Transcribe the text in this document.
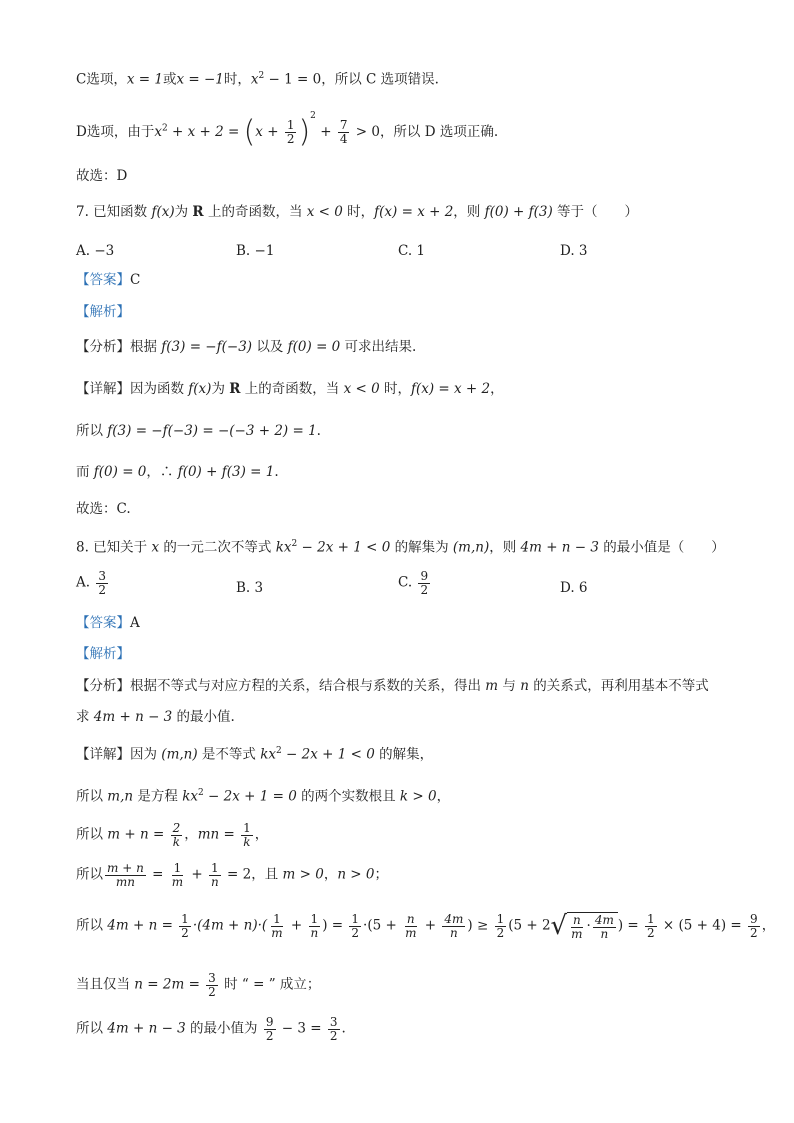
C选项，x = 1或x = −1时，$x^2 - 1 = 0$，所以 C 选项错误.
D选项，由于$x^2 + x + 2 = (x + \frac{1}{2} )^2 + \frac{7}{4} > 0$，所以 D 选项正确.
故选：D
7. 已知函数 f(x)为 R 上的奇函数，当 x < 0 时，f(x) = x + 2，则 f(0) + f(3) 等于（　　）
A. −3	B. −1	C. 1	D. 3
【答案】C
【解析】
【分析】根据 f(3) = −f(−3) 以及 f(0) = 0 可求出结果.
【详解】因为函数 f(x)为 R 上的奇函数，当 x < 0 时，f(x) = x + 2，
所以 f(3) = −f(−3) = −(−3 + 2) = 1.
而 f(0) = 0，∴ f(0) + f(3) = 1.
故选：C.
8. 已知关于 x 的一元二次不等式 $kx^2 - 2x + 1 < 0$ 的解集为 (m,n)，则 4m + n − 3 的最小值是（　　）
A. $\frac{3}{2}$	B. 3	C. $\frac{9}{2}$	D. 6
【答案】A
【解析】
【分析】根据不等式与对应方程的关系，结合根与系数的关系，得出 m 与 n 的关系式，再利用基本不等式
求 4m + n − 3 的最小值.
【详解】因为 (m,n) 是不等式 $kx^2 - 2x + 1 < 0$ 的解集，
所以 m,n 是方程 $kx^2 - 2x + 1 = 0$ 的两个实数根且 k > 0，
所以 $m + n = \frac{2}{k}$ ，mn = $\frac{1}{k}$ ，
所以 $\frac{m + n}{mn} = \frac{1}{m} + \frac{1}{n} = 2$，且 m > 0，n > 0；
所以 $4m + n = \frac{1}{2} \cdot(4m + n)\cdot( \frac{1}{m} + \frac{1}{n}$ ) = $\frac{1}{2} \cdot(5 + \frac{n}{m} + \frac{4m}{n}$ ) ≥ $\frac{1}{2} (5 + 2$ √ $\frac{n}{m} \cdot \frac{4m}{n}$ ) = $\frac{1}{2} \times (5 + 4) = \frac{9}{2}$ ，
当且仅当 $n = 2m = \frac{3}{2}$ 时 “ = ” 成立；
所以 4m + n − 3 的最小值为 $\frac{9}{2} - 3 = \frac{3}{2}$ .
